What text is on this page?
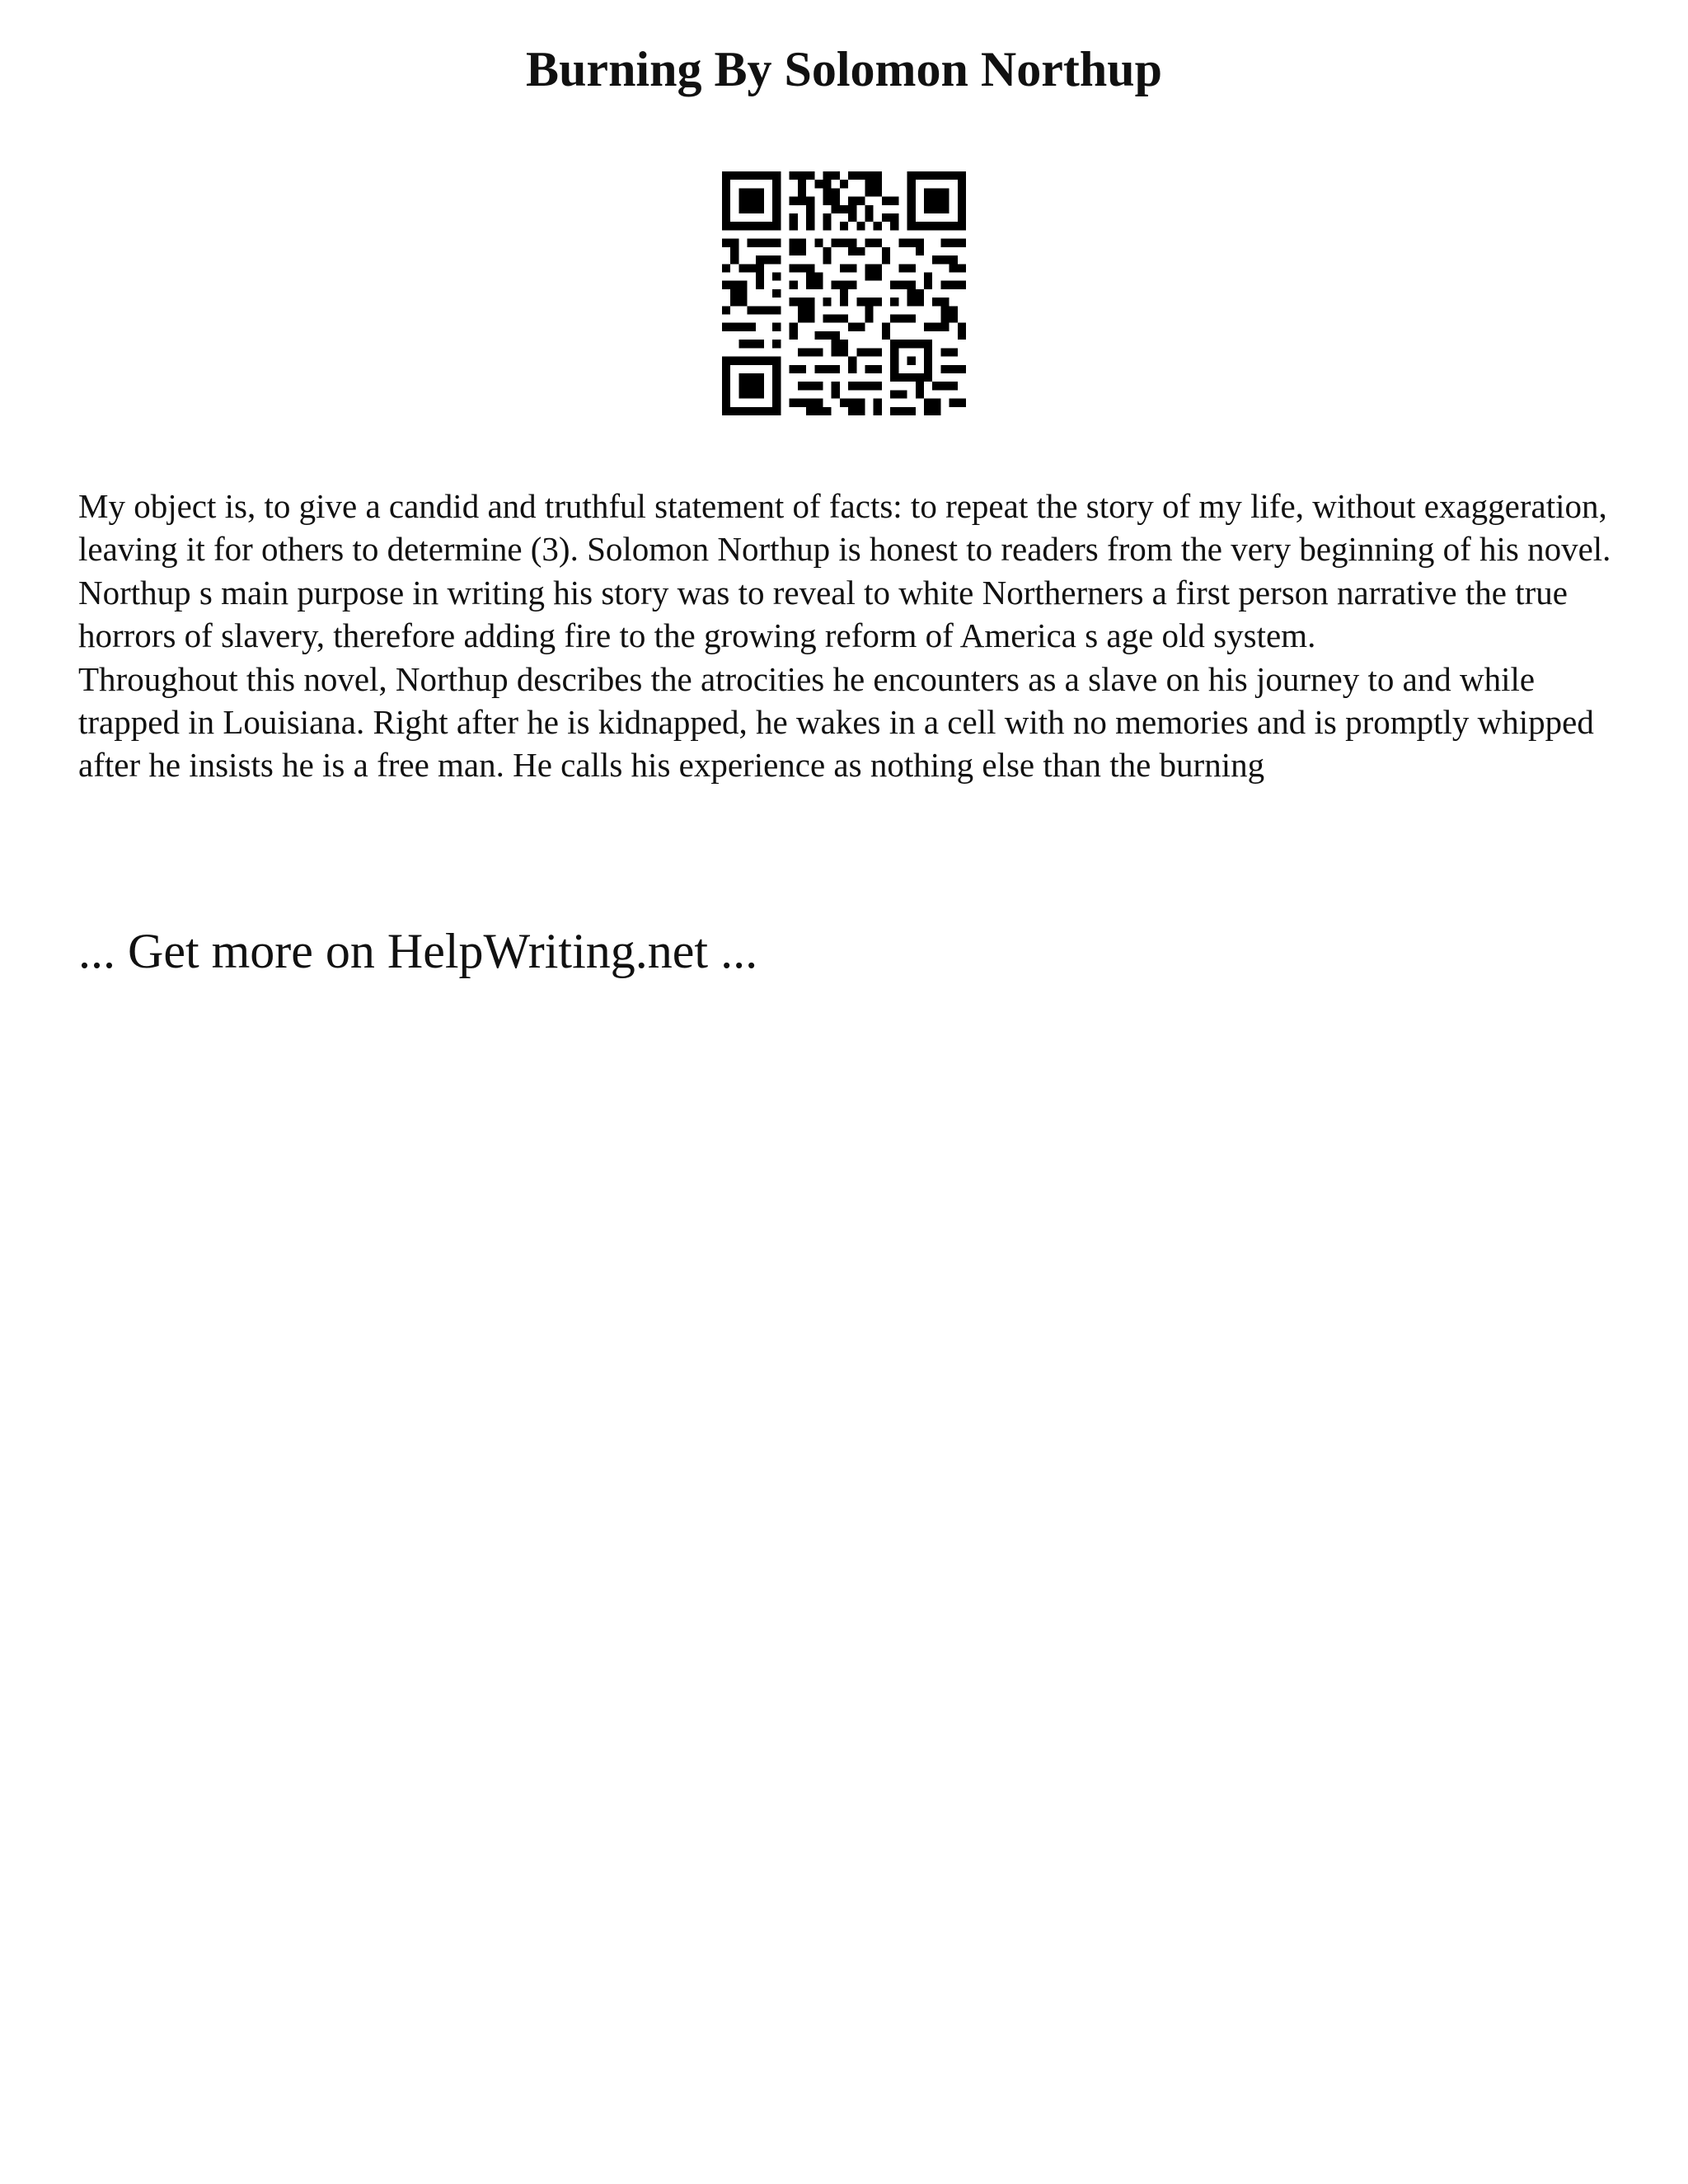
Burning By Solomon Northup

My object is, to give a candid and truthful statement of facts: to repeat the story of my life, without exaggeration, leaving it for others to determine (3). Solomon Northup is honest to readers from the very beginning of his novel. Northup s main purpose in writing his story was to reveal to white Northerners a first person narrative the true horrors of slavery, therefore adding fire to the growing reform of America s age old system.

Throughout this novel, Northup describes the atrocities he encounters as a slave on his journey to and while trapped in Louisiana. Right after he is kidnapped, he wakes in a cell with no memories and is promptly whipped after he insists he is a free man. He calls his experience as nothing else than the burning

... Get more on HelpWriting.net ...
